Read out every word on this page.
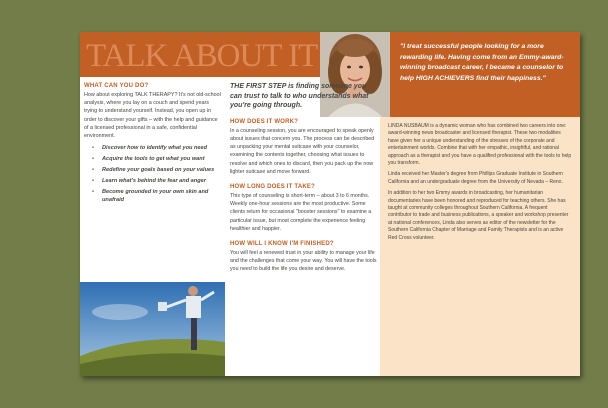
TALK ABOUT IT	"I treat successful people looking for a more rewarding life. Having come from an Emmy-award-winning broadcast career, I became a counselor to help HIGH ACHIEVERS find their happiness."
WHAT CAN YOU DO?

How about exploring TALK THERAPY? It's not old-school analysis, where you lay on a couch and spend years trying to understand yourself. Instead, you open up in order to discover your gifts – with the help and guidance of a licensed professional in a safe, confidential environment.

• Discover how to identify what you need
• Acquire the tools to get what you want
• Redefine your goals based on your values
• Learn what's behind the fear and anger
• Become grounded in your own skin and unafraid

THE FIRST STEP is finding someone you can trust to talk to who understands what you're going through.

HOW DOES IT WORK?

In a counseling session, you are encouraged to speak openly about issues that concern you. The process can be described as unpacking your mental suitcase with your counselor, examining the contents together, choosing what issues to resolve and which ones to discard, then you pack up the now lighter suitcase and move forward.

HOW LONG DOES IT TAKE?

This type of counseling is short-term – about 3 to 6 months. Weekly one-hour sessions are the most productive. Some clients return for occasional "booster sessions" to examine a particular issue, but most complete the experience feeling healthier and happier.

HOW WILL I KNOW I'M FINISHED?

You will feel a renewed trust in your ability to manage your life and the challenges that come your way. You will have the tools you need to build the life you desire and deserve.

LINDA NUSBAUM is a dynamic woman who has combined two careers into one: award-winning news broadcaster and licensed therapist. These two modalities have given her a unique understanding of the stresses of the corporate and entertainment worlds. Combine that with her empathic, insightful, and rational approach as a therapist and you have a qualified professional with the tools to help you transform.

Linda received her Master's degree from Phillips Graduate Institute in Southern California and an undergraduate degree from the University of Nevada – Reno.

In addition to her two Emmy awards in broadcasting, her humanitarian documentaries have been honored and reproduced for teaching others. She has taught at community colleges throughout Southern California. A frequent contributor to trade and business publications, a speaker and workshop presenter at national conferences, Linda also serves as editor of the newsletter for the Southern California Chapter of Marriage and Family Therapists and is an active Red Cross volunteer.
